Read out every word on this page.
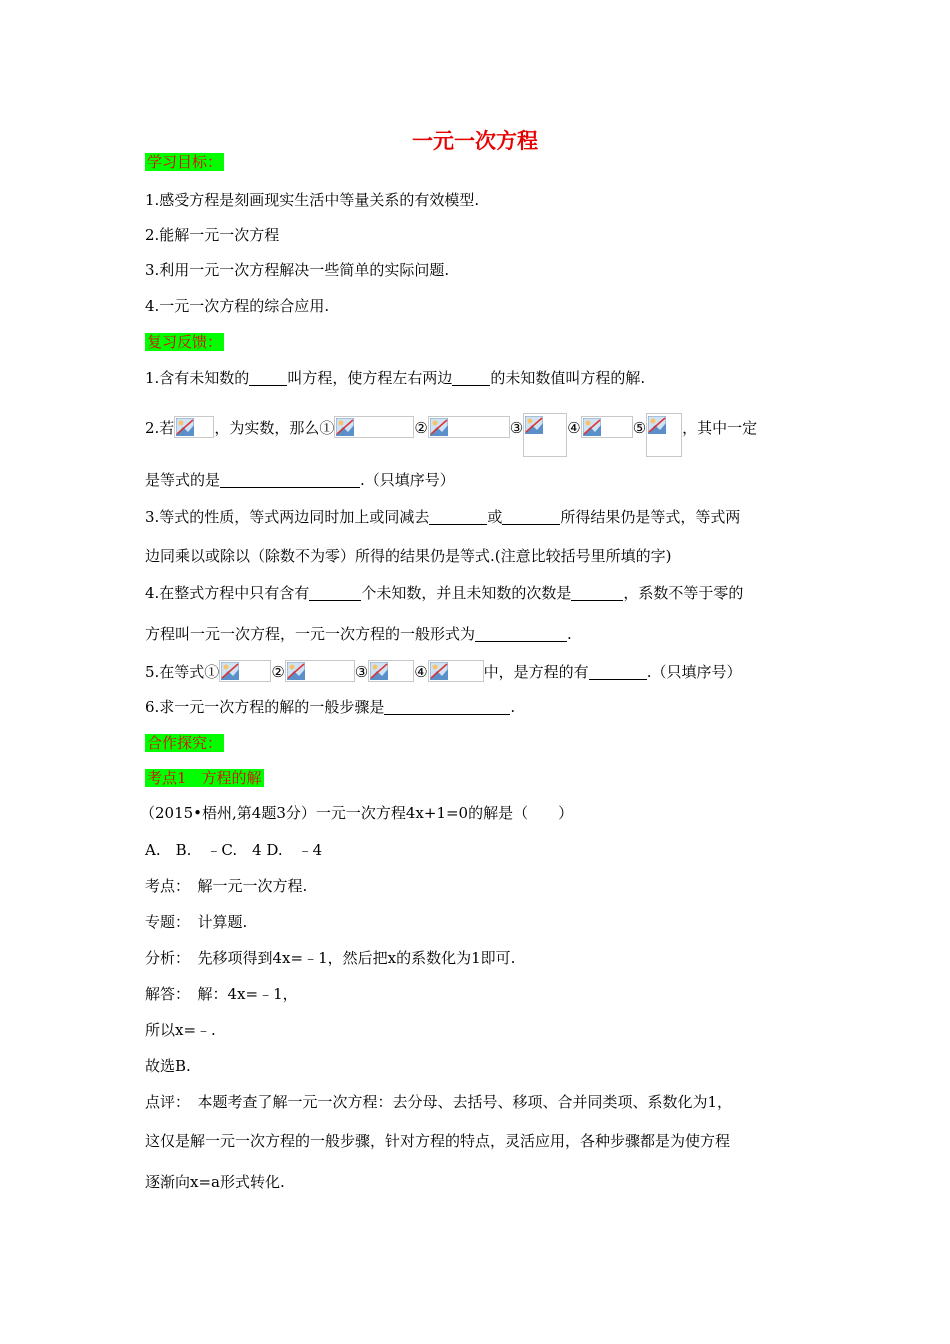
一元一次方程
学习目标：
1.感受方程是刻画现实生活中等量关系的有效模型.
2.能解一元一次方程
3.利用一元一次方程解决一些简单的实际问题.
4.一元一次方程的综合应用.
复习反馈：
1.含有未知数的	叫方程，使方程左右两边	的未知数值叫方程的解.
2.若	，为实数，那么①	②	③	④	⑤ ，其中一定
是等式的是	.（只填序号）
3.等式的性质，等式两边同时加上或同减去	或	所得结果仍是等式，等式两
边同乘以或除以（除数不为零）所得的结果仍是等式.(注意比较括号里所填的字)
4.在整式方程中只有含有	个未知数，并且未知数的次数是	，系数不等于零的
方程叫一元一次方程，一元一次方程的一般形式为	.
5.在等式①	②	③	④	中，是方程的有	.（只填序号）
6.求一元一次方程的解的一般步骤是	.
合作探究：
考点1　方程的解
（2015•梧州,第4题3分）一元一次方程4x+1=0的解是（　　）
A.　B.　﹣C.　4 D.　﹣4
考点：　解一元一次方程.
专题：　计算题.
分析：　先移项得到4x=﹣1，然后把x的系数化为1即可.
解答：　解：4x=﹣1，
所以x=﹣.
故选B.
点评：　本题考查了解一元一次方程：去分母、去括号、移项、合并同类项、系数化为1，
这仅是解一元一次方程的一般步骤，针对方程的特点，灵活应用，各种步骤都是为使方程
逐渐向x=a形式转化.
